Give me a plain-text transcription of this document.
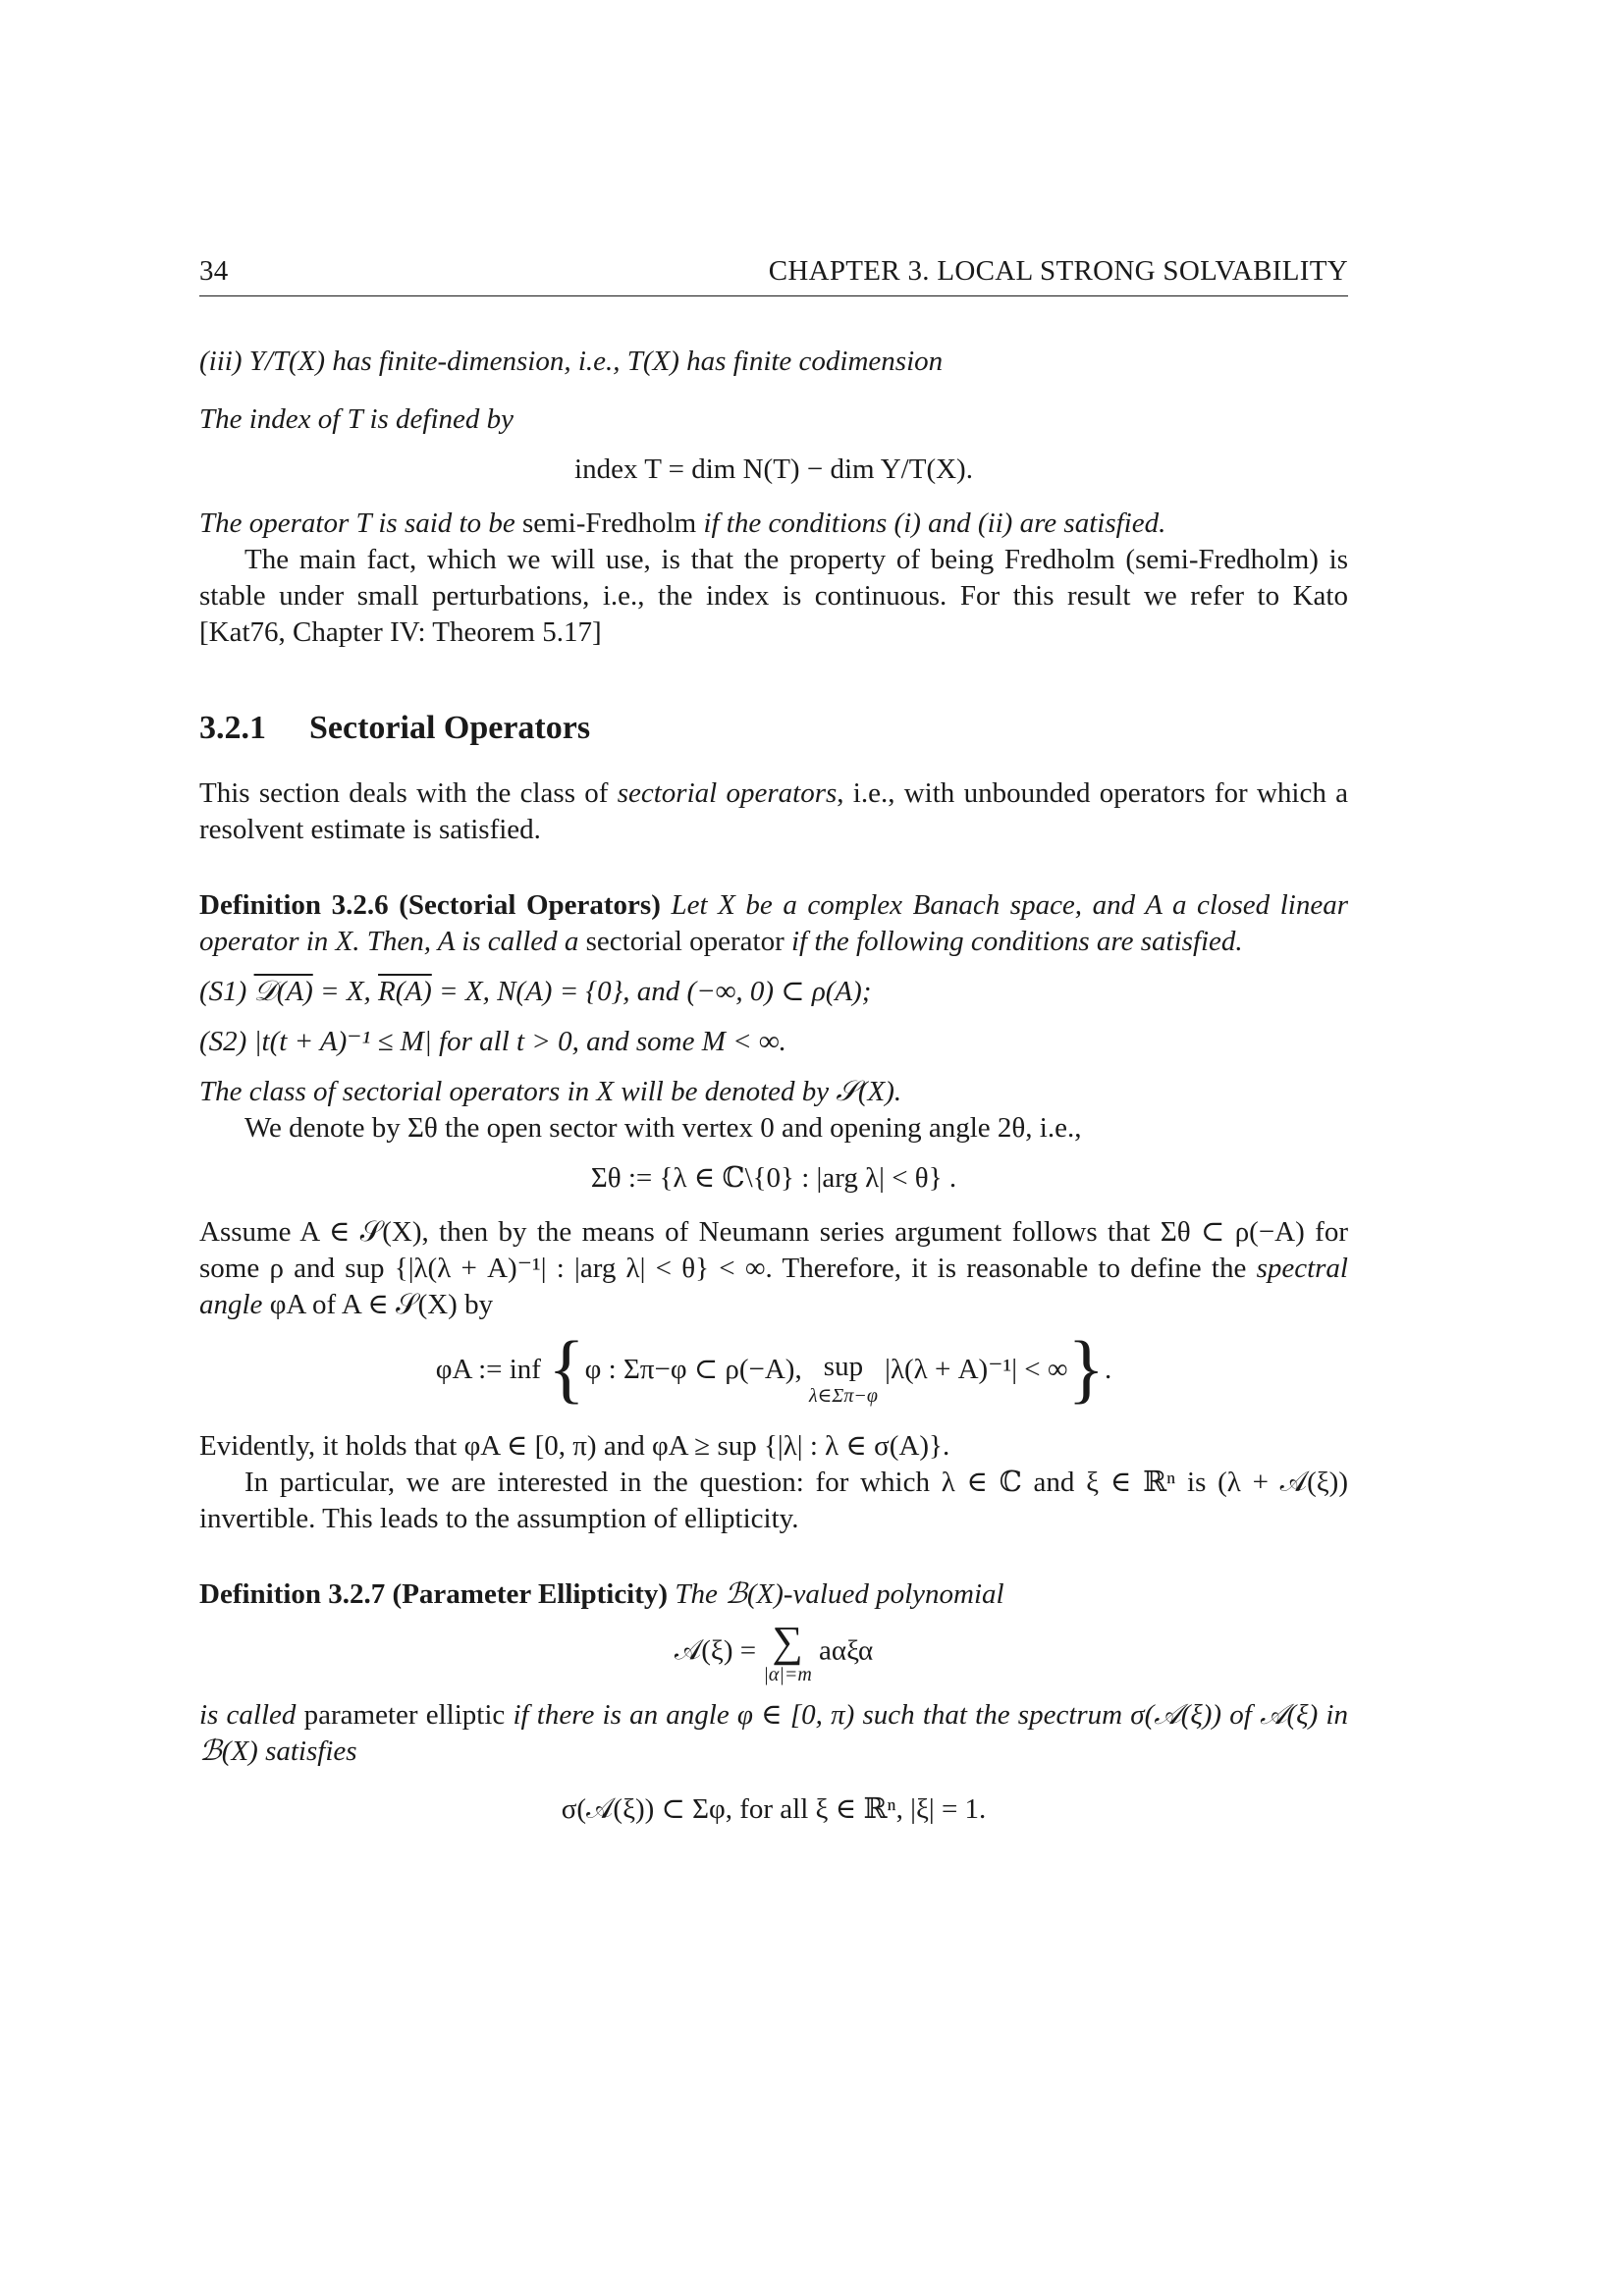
34	CHAPTER 3. LOCAL STRONG SOLVABILITY

(iii) Y/T(X) has finite-dimension, i.e., T(X) has finite codimension

The index of T is defined by

index T = dim N(T) − dim Y/T(X).

The operator T is said to be semi-Fredholm if the conditions (i) and (ii) are satisfied.

The main fact, which we will use, is that the property of being Fredholm (semi-Fredholm) is stable under small perturbations, i.e., the index is continuous. For this result we refer to Kato [Kat76, Chapter IV: Theorem 5.17]

3.2.1 Sectorial Operators

This section deals with the class of sectorial operators, i.e., with unbounded operators for which a resolvent estimate is satisfied.

Definition 3.2.6 (Sectorial Operators) Let X be a complex Banach space, and A a closed linear operator in X. Then, A is called a sectorial operator if the following conditions are satisfied.

(S1) 𝒟(A) = X, R(A) = X, N(A) = {0}, and (−∞, 0) ⊂ ρ(A);

(S2) |t(t + A)⁻¹ ≤ M| for all t > 0, and some M < ∞.

The class of sectorial operators in X will be denoted by 𝒮(X).

We denote by Σθ the open sector with vertex 0 and opening angle 2θ, i.e.,

Σθ := {λ ∈ ℂ\{0} : |arg λ| < θ} .

Assume A ∈ 𝒮(X), then by the means of Neumann series argument follows that Σθ ⊂ ρ(−A) for some ρ and sup {|λ(λ + A)⁻¹| : |arg λ| < θ} < ∞. Therefore, it is reasonable to define the spectral angle φA of A ∈ 𝒮(X) by

φA := inf {φ : Σπ−φ ⊂ ρ(−A), sup
λ∈Σπ−φ
|λ(λ + A)⁻¹| < ∞}.

Evidently, it holds that φA ∈ [0, π) and φA ≥ sup {|λ| : λ ∈ σ(A)}.

In particular, we are interested in the question: for which λ ∈ ℂ and ξ ∈ ℝⁿ is (λ + 𝒜(ξ)) invertible. This leads to the assumption of ellipticity.

Definition 3.2.7 (Parameter Ellipticity) The ℬ(X)-valued polynomial

𝒜(ξ) = ∑
|α|=m
aαξα

is called parameter elliptic if there is an angle φ ∈ [0, π) such that the spectrum σ(𝒜(ξ)) of 𝒜(ξ) in ℬ(X) satisfies

σ(𝒜(ξ)) ⊂ Σφ, for all ξ ∈ ℝⁿ, |ξ| = 1.
